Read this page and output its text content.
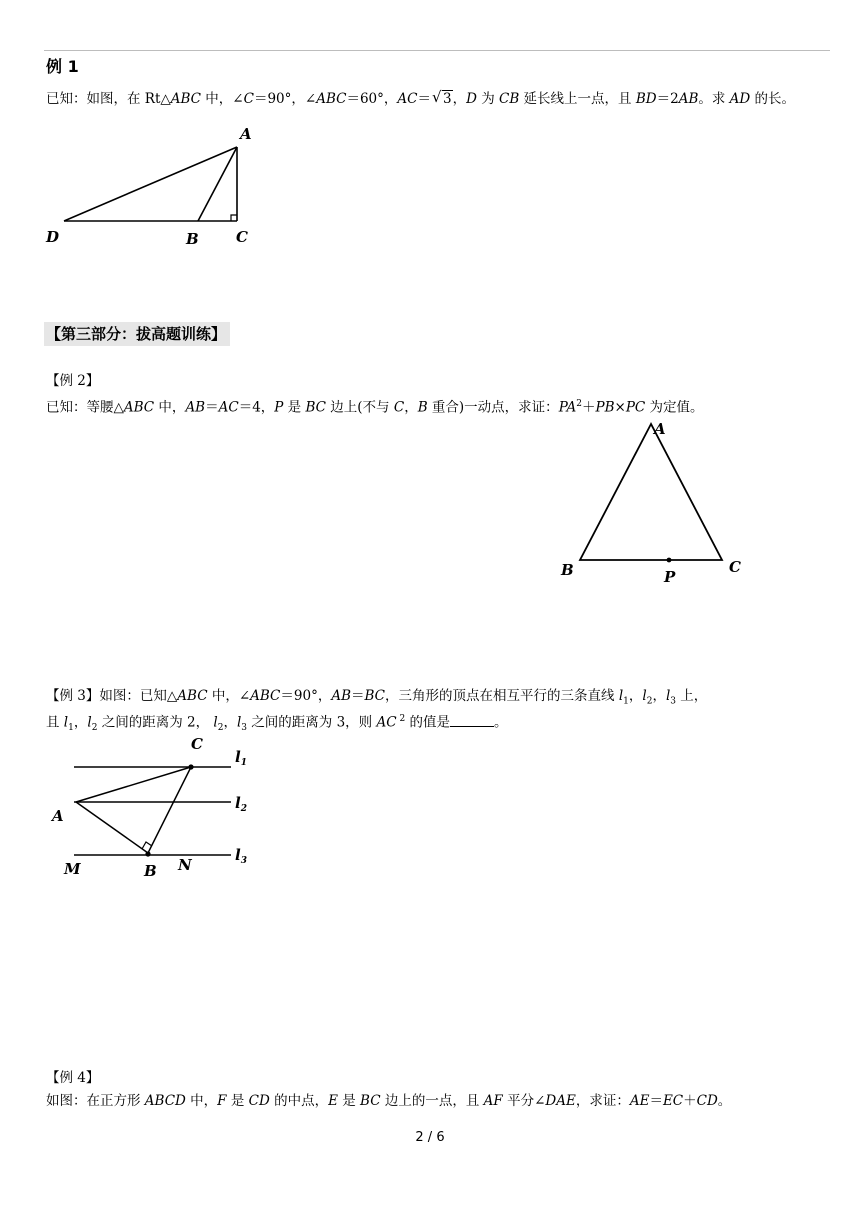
例 1
已知：如图，在 Rt△ABC 中，∠C＝90°，∠ABC＝60°，AC＝√ 3，D 为 CB 延长线上一点，且 BD＝2AB。求 AD 的长。
A
B C
D
【第三部分：拔高题训练】
【例 2】
已知：等腰△ABC 中，AB＝AC＝4，P 是 BC 边上(不与 C，B 重合)一动点，求证：$PA^2+PB\times PC$ 为定值。
A
B	C
P
【例 3】如图：已知△ABC 中，∠ABC＝90°，AB＝BC，三角形的顶点在相互平行的三条直线 $l_1$，$l_2$，$l_3$ 上，
且 $l_1$，$l_2$ 之间的距离为 2， $l_2$，$l_3$ 之间的距离为 3，则 AC $^2$ 的值是	。
C
A
M	B N
$l_1$
$l_2$
$l_3$
【例 4】
如图：在正方形 ABCD 中，F 是 CD 的中点，E 是 BC 边上的一点，且 AF 平分∠DAE，求证：AE＝EC＋CD。
2 / 6
